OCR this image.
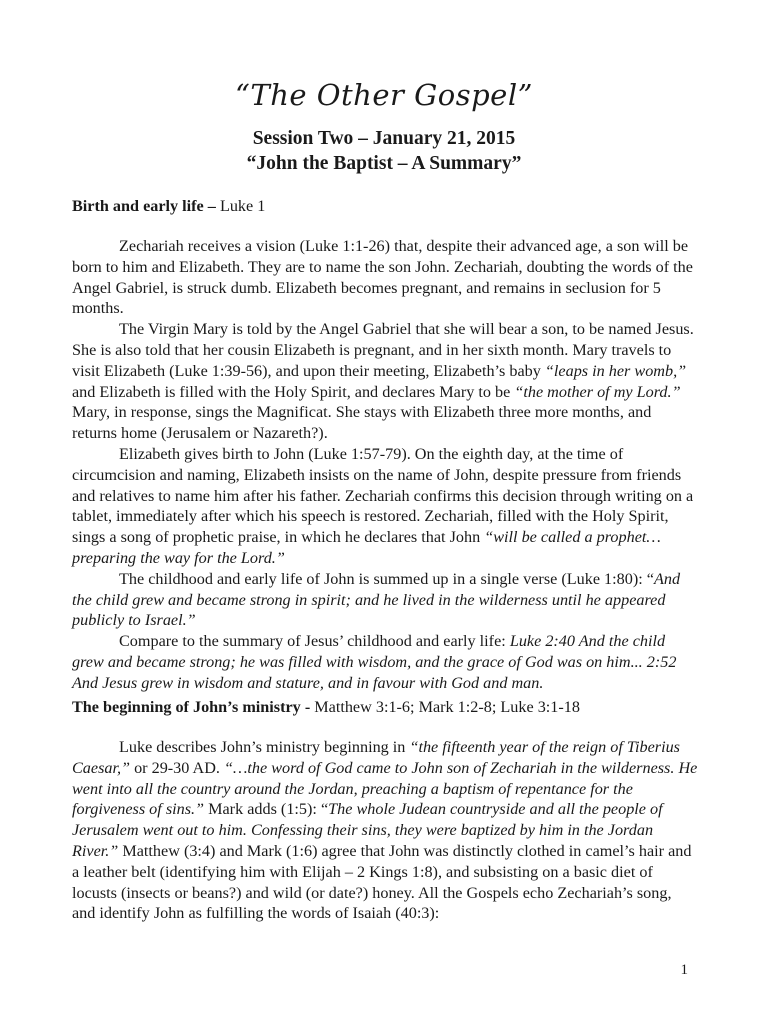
“The Other Gospel”
Session Two – January 21, 2015
“John the Baptist – A Summary”
Birth and early life – Luke 1

Zechariah receives a vision (Luke 1:1-26) that, despite their advanced age, a son will be born to him and Elizabeth. They are to name the son John. Zechariah, doubting the words of the Angel Gabriel, is struck dumb. Elizabeth becomes pregnant, and remains in seclusion for 5 months.

The Virgin Mary is told by the Angel Gabriel that she will bear a son, to be named Jesus. She is also told that her cousin Elizabeth is pregnant, and in her sixth month. Mary travels to visit Elizabeth (Luke 1:39-56), and upon their meeting, Elizabeth’s baby “leaps in her womb,” and Elizabeth is filled with the Holy Spirit, and declares Mary to be “the mother of my Lord.” Mary, in response, sings the Magnificat. She stays with Elizabeth three more months, and returns home (Jerusalem or Nazareth?).

Elizabeth gives birth to John (Luke 1:57-79). On the eighth day, at the time of circumcision and naming, Elizabeth insists on the name of John, despite pressure from friends and relatives to name him after his father. Zechariah confirms this decision through writing on a tablet, immediately after which his speech is restored. Zechariah, filled with the Holy Spirit, sings a song of prophetic praise, in which he declares that John “will be called a prophet… preparing the way for the Lord.”

The childhood and early life of John is summed up in a single verse (Luke 1:80): “And the child grew and became strong in spirit; and he lived in the wilderness until he appeared publicly to Israel.”

Compare to the summary of Jesus’ childhood and early life: Luke 2:40 And the child grew and became strong; he was filled with wisdom, and the grace of God was on him... 2:52 And Jesus grew in wisdom and stature, and in favour with God and man.

The beginning of John’s ministry - Matthew 3:1-6; Mark 1:2-8; Luke 3:1-18

Luke describes John’s ministry beginning in “the fifteenth year of the reign of Tiberius Caesar,” or 29-30 AD. “…the word of God came to John son of Zechariah in the wilderness. He went into all the country around the Jordan, preaching a baptism of repentance for the forgiveness of sins.” Mark adds (1:5): “The whole Judean countryside and all the people of Jerusalem went out to him. Confessing their sins, they were baptized by him in the Jordan River.” Matthew (3:4) and Mark (1:6) agree that John was distinctly clothed in camel’s hair and a leather belt (identifying him with Elijah – 2 Kings 1:8), and subsisting on a basic diet of locusts (insects or beans?) and wild (or date?) honey. All the Gospels echo Zechariah’s song, and identify John as fulfilling the words of Isaiah (40:3):

1
